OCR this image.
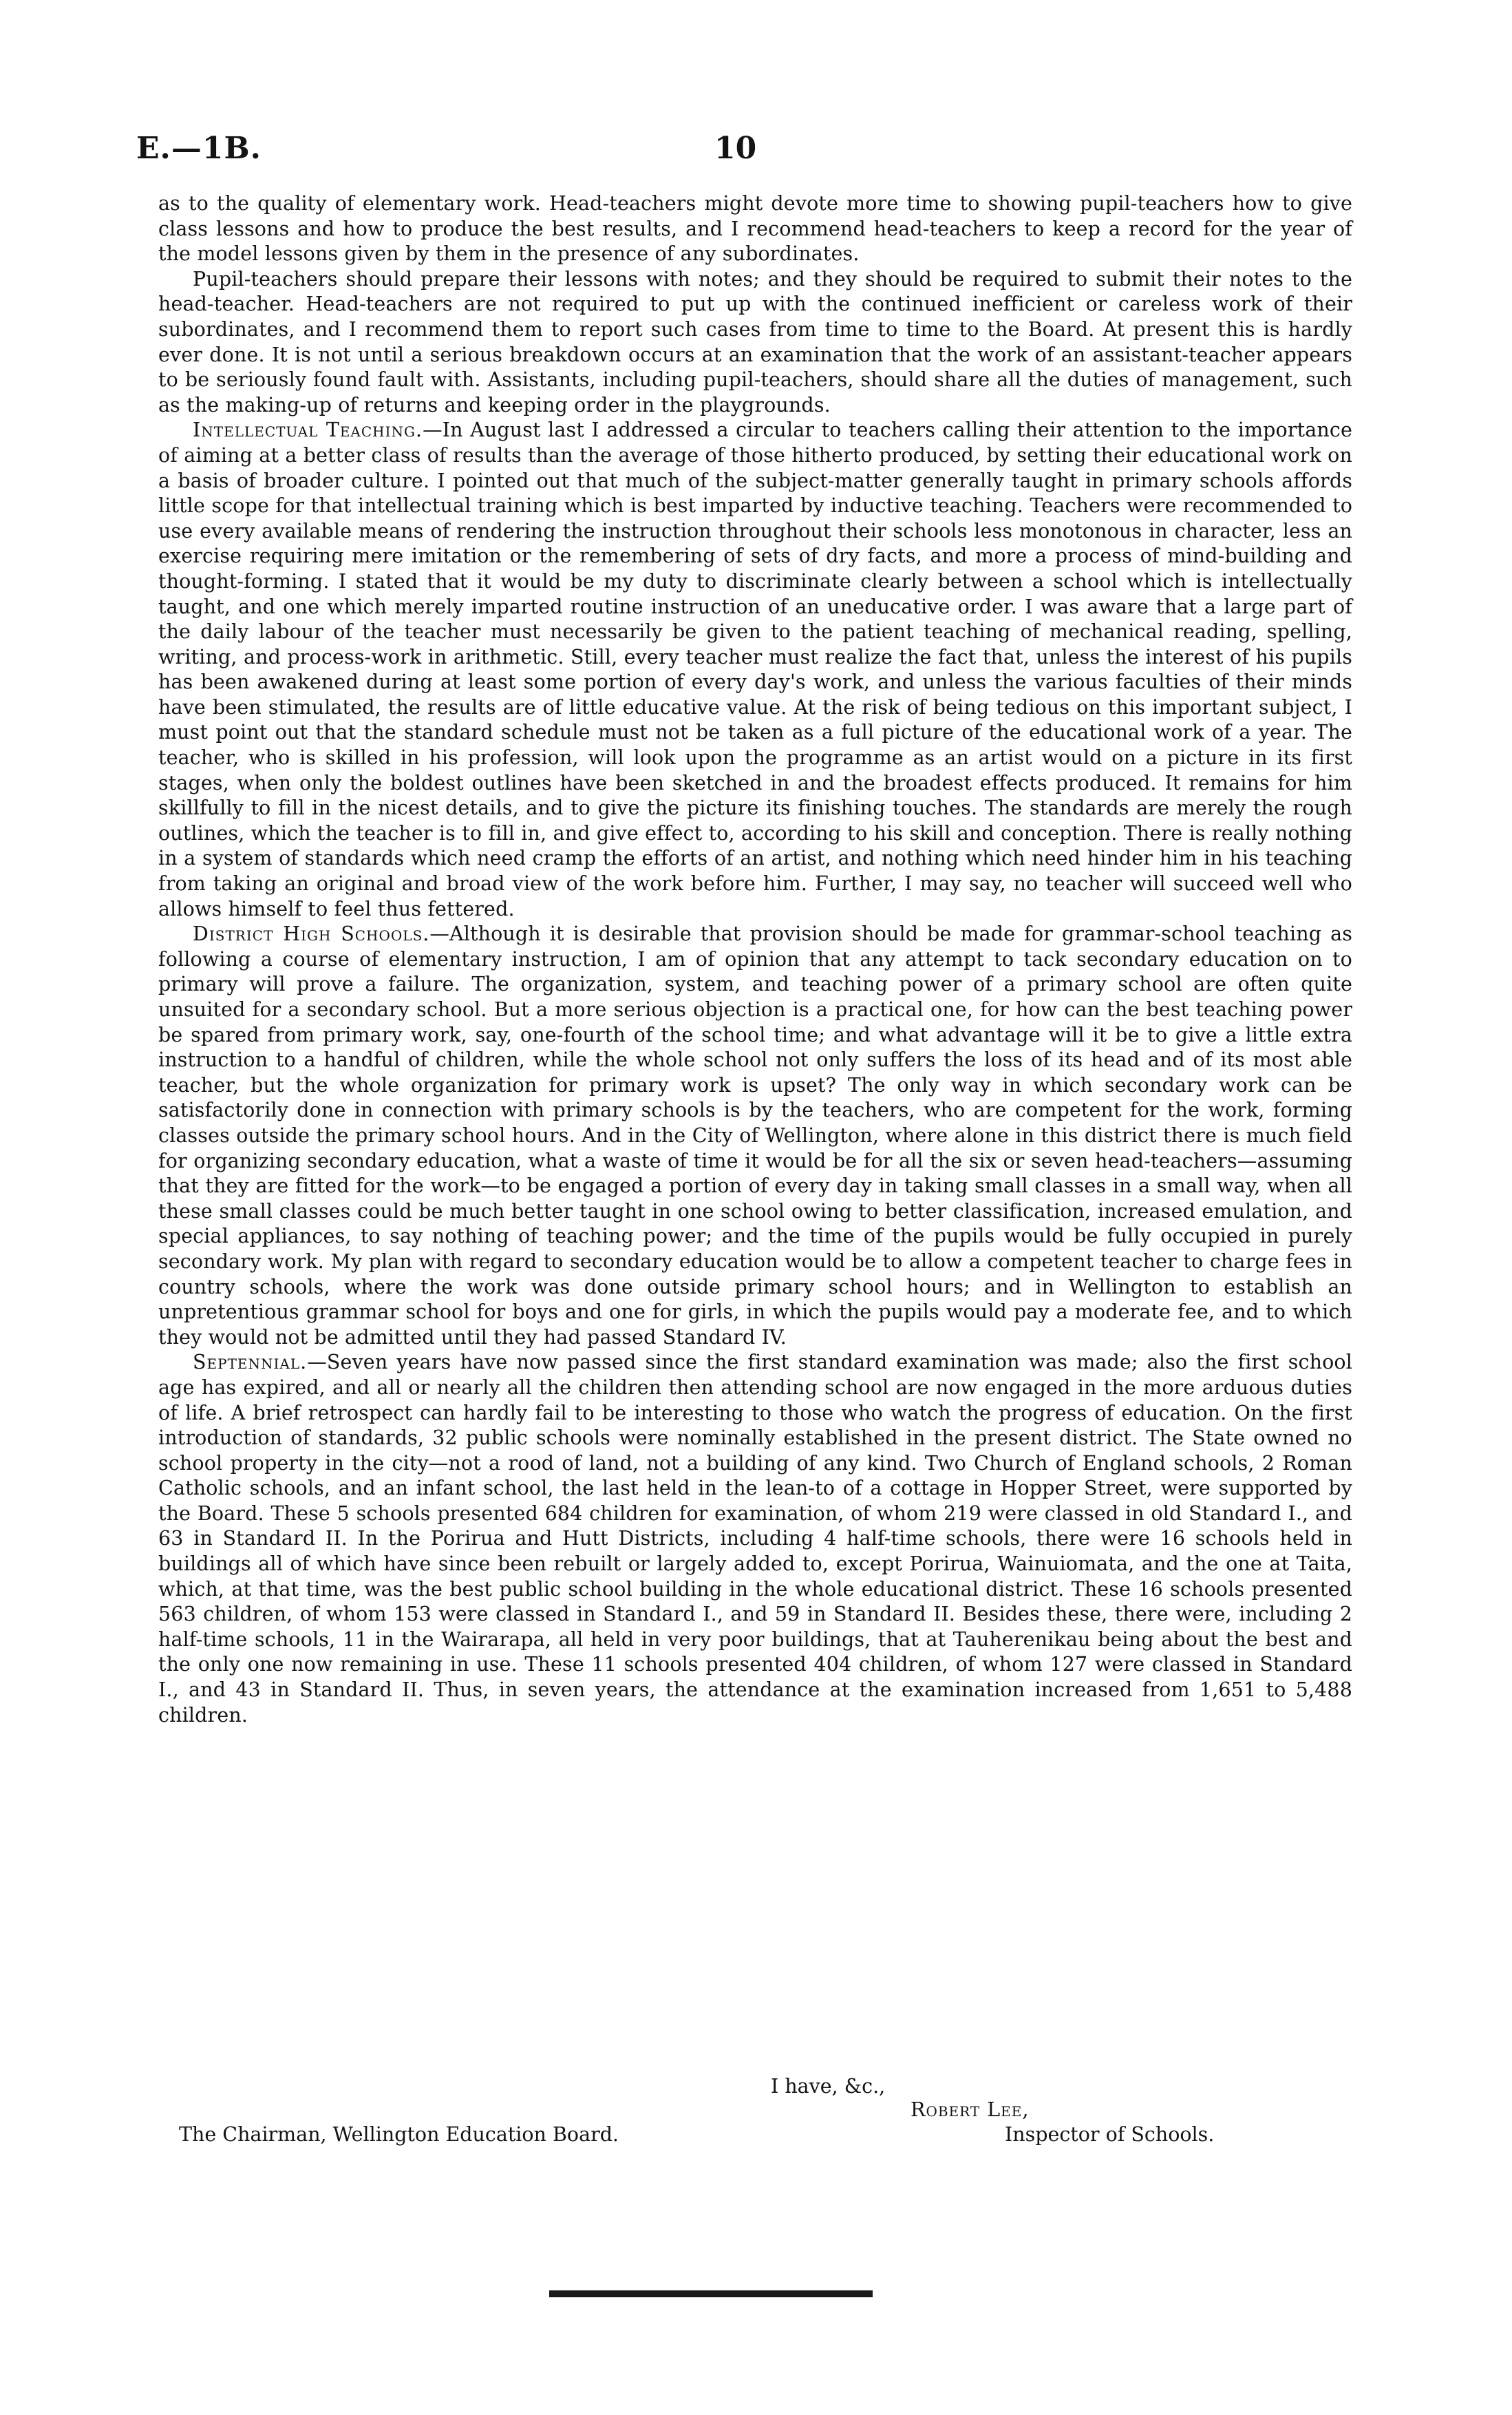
E.—1B.	10

as to the quality of elementary work. Head-teachers might devote more time to showing pupil-teachers how to give class lessons and how to produce the best results, and I recommend head-teachers to keep a record for the year of the model lessons given by them in the presence of any subordinates.

Pupil-teachers should prepare their lessons with notes; and they should be required to submit their notes to the head-teacher. Head-teachers are not required to put up with the continued inefficient or careless work of their subordinates, and I recommend them to report such cases from time to time to the Board. At present this is hardly ever done. It is not until a serious breakdown occurs at an examination that the work of an assistant-teacher appears to be seriously found fault with. Assistants, including pupil-teachers, should share all the duties of management, such as the making-up of returns and keeping order in the playgrounds.

Intellectual Teaching.—In August last I addressed a circular to teachers calling their attention to the importance of aiming at a better class of results than the average of those hitherto produced, by setting their educational work on a basis of broader culture. I pointed out that much of the subject-matter generally taught in primary schools affords little scope for that intellectual training which is best imparted by inductive teaching. Teachers were recommended to use every available means of rendering the instruction throughout their schools less monotonous in character, less an exercise requiring mere imitation or the remembering of sets of dry facts, and more a process of mind-building and thought-forming. I stated that it would be my duty to discriminate clearly between a school which is intellectually taught, and one which merely imparted routine instruction of an uneducative order. I was aware that a large part of the daily labour of the teacher must necessarily be given to the patient teaching of mechanical reading, spelling, writing, and process-work in arithmetic. Still, every teacher must realize the fact that, unless the interest of his pupils has been awakened during at least some portion of every day's work, and unless the various faculties of their minds have been stimulated, the results are of little educative value. At the risk of being tedious on this important subject, I must point out that the standard schedule must not be taken as a full picture of the educational work of a year. The teacher, who is skilled in his profession, will look upon the programme as an artist would on a picture in its first stages, when only the boldest outlines have been sketched in and the broadest effects produced. It remains for him skillfully to fill in the nicest details, and to give the picture its finishing touches. The standards are merely the rough outlines, which the teacher is to fill in, and give effect to, according to his skill and conception. There is really nothing in a system of standards which need cramp the efforts of an artist, and nothing which need hinder him in his teaching from taking an original and broad view of the work before him. Further, I may say, no teacher will succeed well who allows himself to feel thus fettered.

District High Schools.—Although it is desirable that provision should be made for grammar-school teaching as following a course of elementary instruction, I am of opinion that any attempt to tack secondary education on to primary will prove a failure. The organization, system, and teaching power of a primary school are often quite unsuited for a secondary school. But a more serious objection is a practical one, for how can the best teaching power be spared from primary work, say, one-fourth of the school time; and what advantage will it be to give a little extra instruction to a handful of children, while the whole school not only suffers the loss of its head and of its most able teacher, but the whole organization for primary work is upset? The only way in which secondary work can be satisfactorily done in connection with primary schools is by the teachers, who are competent for the work, forming classes outside the primary school hours. And in the City of Wellington, where alone in this district there is much field for organizing secondary education, what a waste of time it would be for all the six or seven head-teachers—assuming that they are fitted for the work—to be engaged a portion of every day in taking small classes in a small way, when all these small classes could be much better taught in one school owing to better classification, increased emulation, and special appliances, to say nothing of teaching power; and the time of the pupils would be fully occupied in purely secondary work. My plan with regard to secondary education would be to allow a competent teacher to charge fees in country schools, where the work was done outside primary school hours; and in Wellington to establish an unpretentious grammar school for boys and one for girls, in which the pupils would pay a moderate fee, and to which they would not be admitted until they had passed Standard IV.

Septennial.—Seven years have now passed since the first standard examination was made; also the first school age has expired, and all or nearly all the children then attending school are now engaged in the more arduous duties of life. A brief retrospect can hardly fail to be interesting to those who watch the progress of education. On the first introduction of standards, 32 public schools were nominally established in the present district. The State owned no school property in the city—not a rood of land, not a building of any kind. Two Church of England schools, 2 Roman Catholic schools, and an infant school, the last held in the lean-to of a cottage in Hopper Street, were supported by the Board. These 5 schools presented 684 children for examination, of whom 219 were classed in old Standard I., and 63 in Standard II. In the Porirua and Hutt Districts, including 4 half-time schools, there were 16 schools held in buildings all of which have since been rebuilt or largely added to, except Porirua, Wainuiomata, and the one at Taita, which, at that time, was the best public school building in the whole educational district. These 16 schools presented 563 children, of whom 153 were classed in Standard I., and 59 in Standard II. Besides these, there were, including 2 half-time schools, 11 in the Wairarapa, all held in very poor buildings, that at Tauherenikau being about the best and the only one now remaining in use. These 11 schools presented 404 children, of whom 127 were classed in Standard I., and 43 in Standard II. Thus, in seven years, the attendance at the examination increased from 1,651 to 5,488 children.

Robert Lee,
Inspector of Schools.
The Chairman, Wellington Education Board.
I have, &c.,
